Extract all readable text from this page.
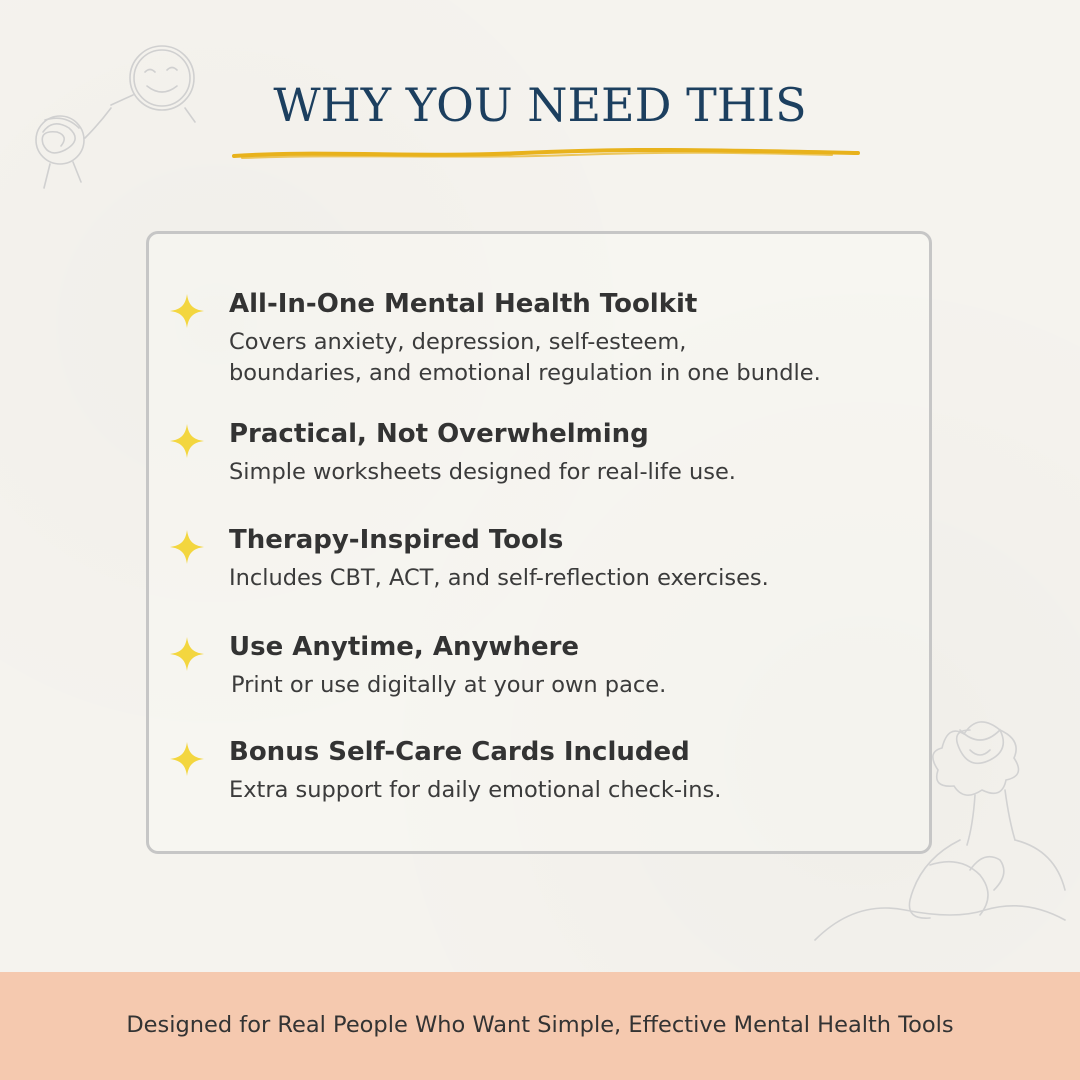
WHY YOU NEED THIS
All-In-One Mental Health Toolkit
Covers anxiety, depression, self-esteem,
boundaries, and emotional regulation in one bundle.
Practical, Not Overwhelming
Simple worksheets designed for real-life use.
Therapy-Inspired Tools
Includes CBT, ACT, and self-reflection exercises.
Use Anytime, Anywhere
Print or use digitally at your own pace.
Bonus Self-Care Cards Included
Extra support for daily emotional check-ins.
Designed for Real People Who Want Simple, Effective Mental Health Tools
